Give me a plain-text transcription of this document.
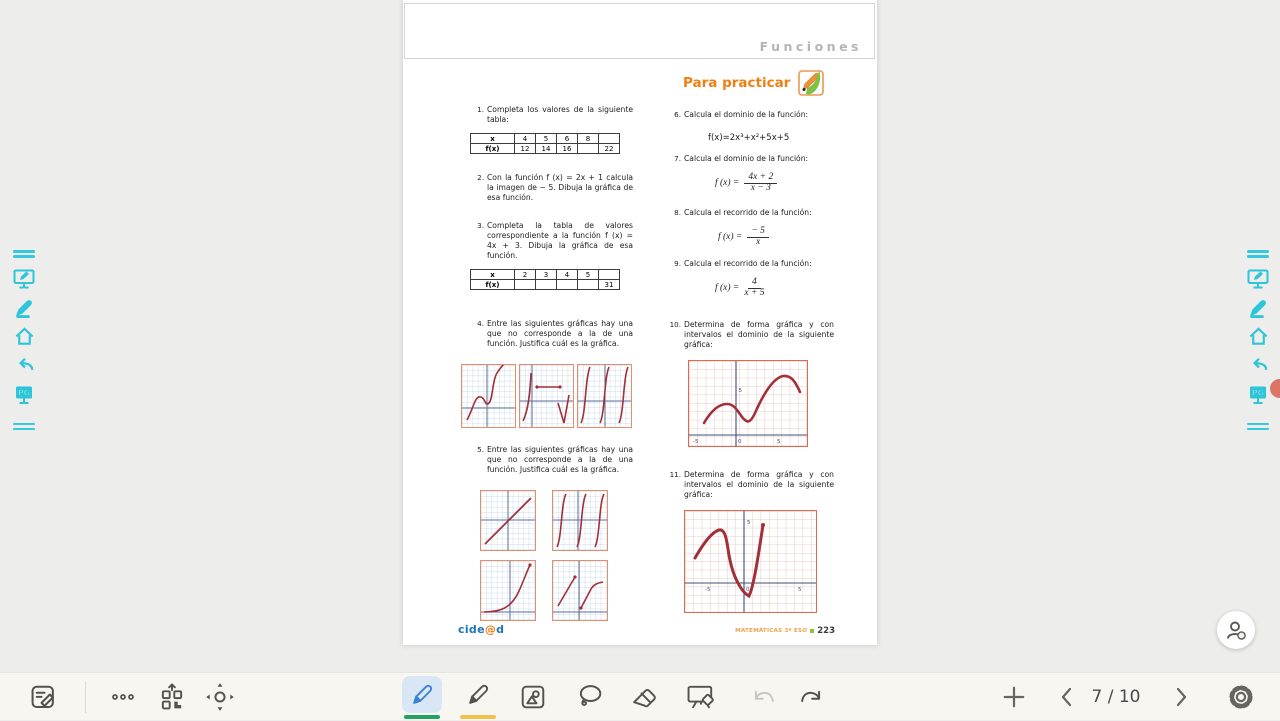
Funciones
Para practicar
1. Completa los valores de la siguiente tabla:
x	4	5	6	8	
f(x)	12	14	16		22
2. Con la función f (x) = 2x + 1 calcula la imagen de − 5. Dibuja la gráfica de esa función.
3. Completa la tabla de valores correspondiente a la función f (x) = 4x + 3. Dibuja la gráfica de esa función.
x	2	3	4	5	
f(x)					31
4. Entre las siguientes gráficas hay una que no corresponde a la de una función. Justifica cuál es la gráfica.
5. Entre las siguientes gráficas hay una que no corresponde a la de una función. Justifica cuál es la gráfica.
6. Calcula el dominio de la función:
f(x)=2x³+x²+5x+5
7. Calcula el dominio de la función:
f $(x) = \frac{4x + 2}{x - 3}$
8. Calcula el recorrido de la función:
f $(x) = \frac{- 5}{x}$
9. Calcula el recorrido de la función:
f $(x) = \frac{4}{x + 5}$
10. Determina de forma gráfica y con intervalos el dominio de la siguiente gráfica:
-5	0	5
5
11. Determina de forma gráfica y con intervalos el dominio de la siguiente gráfica:
-5	0	5
5
cide@d	MATEMÁTICAS 3º ESO 223
PG	PG
7 / 10
